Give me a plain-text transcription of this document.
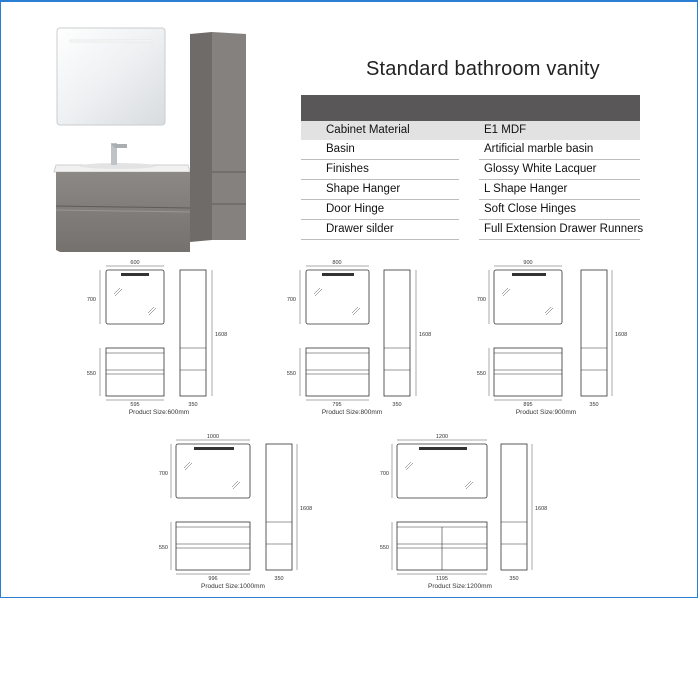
Standard bathroom vanity
Cabinet Material	E1 MDF
Basin	Artificial marble basin
Finishes	Glossy White Lacquer
Shape Hanger	L Shape Hanger
Door Hinge	Soft Close Hinges
Drawer silder	Full Extension Drawer Runners
600
700
1608
550
595	350
Product Size:600mm
800
700
1608
550
795	350
Product Size:800mm
900
700
1608
550
895	350
Product Size:900mm
1000
700
1608
550
996	350
Product Size:1000mm
1200
700
1608
550
1195	350
Product Size:1200mm
